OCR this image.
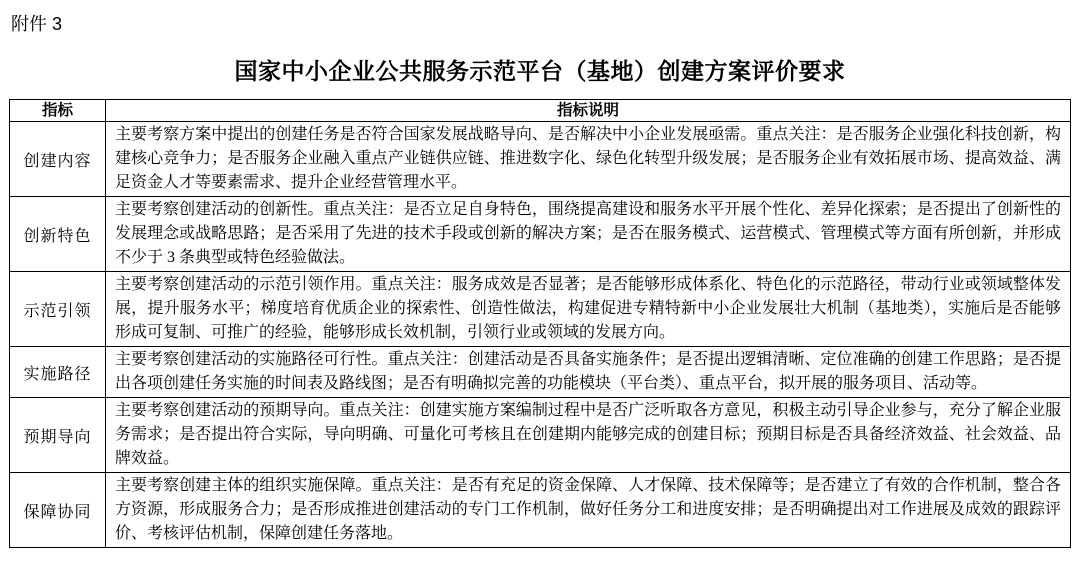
附件 3
国家中小企业公共服务示范平台（基地）创建方案评价要求
指标	指标说明
创建内容	主要考察方案中提出的创建任务是否符合国家发展战略导向、是否解决中小企业发展亟需。重点关注：是否服务企业强化科技创新，构建核心竞争力；是否服务企业融入重点产业链供应链、推进数字化、绿色化转型升级发展；是否服务企业有效拓展市场、提高效益、满足资金人才等要素需求、提升企业经营管理水平。
创新特色	主要考察创建活动的创新性。重点关注：是否立足自身特色，围绕提高建设和服务水平开展个性化、差异化探索；是否提出了创新性的发展理念或战略思路；是否采用了先进的技术手段或创新的解决方案；是否在服务模式、运营模式、管理模式等方面有所创新，并形成不少于 3 条典型或特色经验做法。
示范引领	主要考察创建活动的示范引领作用。重点关注：服务成效是否显著；是否能够形成体系化、特色化的示范路径，带动行业或领域整体发展，提升服务水平；梯度培育优质企业的探索性、创造性做法，构建促进专精特新中小企业发展壮大机制（基地类），实施后是否能够形成可复制、可推广的经验，能够形成长效机制，引领行业或领域的发展方向。
实施路径	主要考察创建活动的实施路径可行性。重点关注：创建活动是否具备实施条件；是否提出逻辑清晰、定位准确的创建工作思路；是否提出各项创建任务实施的时间表及路线图；是否有明确拟完善的功能模块（平台类）、重点平台，拟开展的服务项目、活动等。
预期导向	主要考察创建活动的预期导向。重点关注：创建实施方案编制过程中是否广泛听取各方意见，积极主动引导企业参与，充分了解企业服务需求；是否提出符合实际，导向明确、可量化可考核且在创建期内能够完成的创建目标；预期目标是否具备经济效益、社会效益、品牌效益。
保障协同	主要考察创建主体的组织实施保障。重点关注：是否有充足的资金保障、人才保障、技术保障等；是否建立了有效的合作机制，整合各方资源，形成服务合力；是否形成推进创建活动的专门工作机制，做好任务分工和进度安排；是否明确提出对工作进展及成效的跟踪评价、考核评估机制，保障创建任务落地。
